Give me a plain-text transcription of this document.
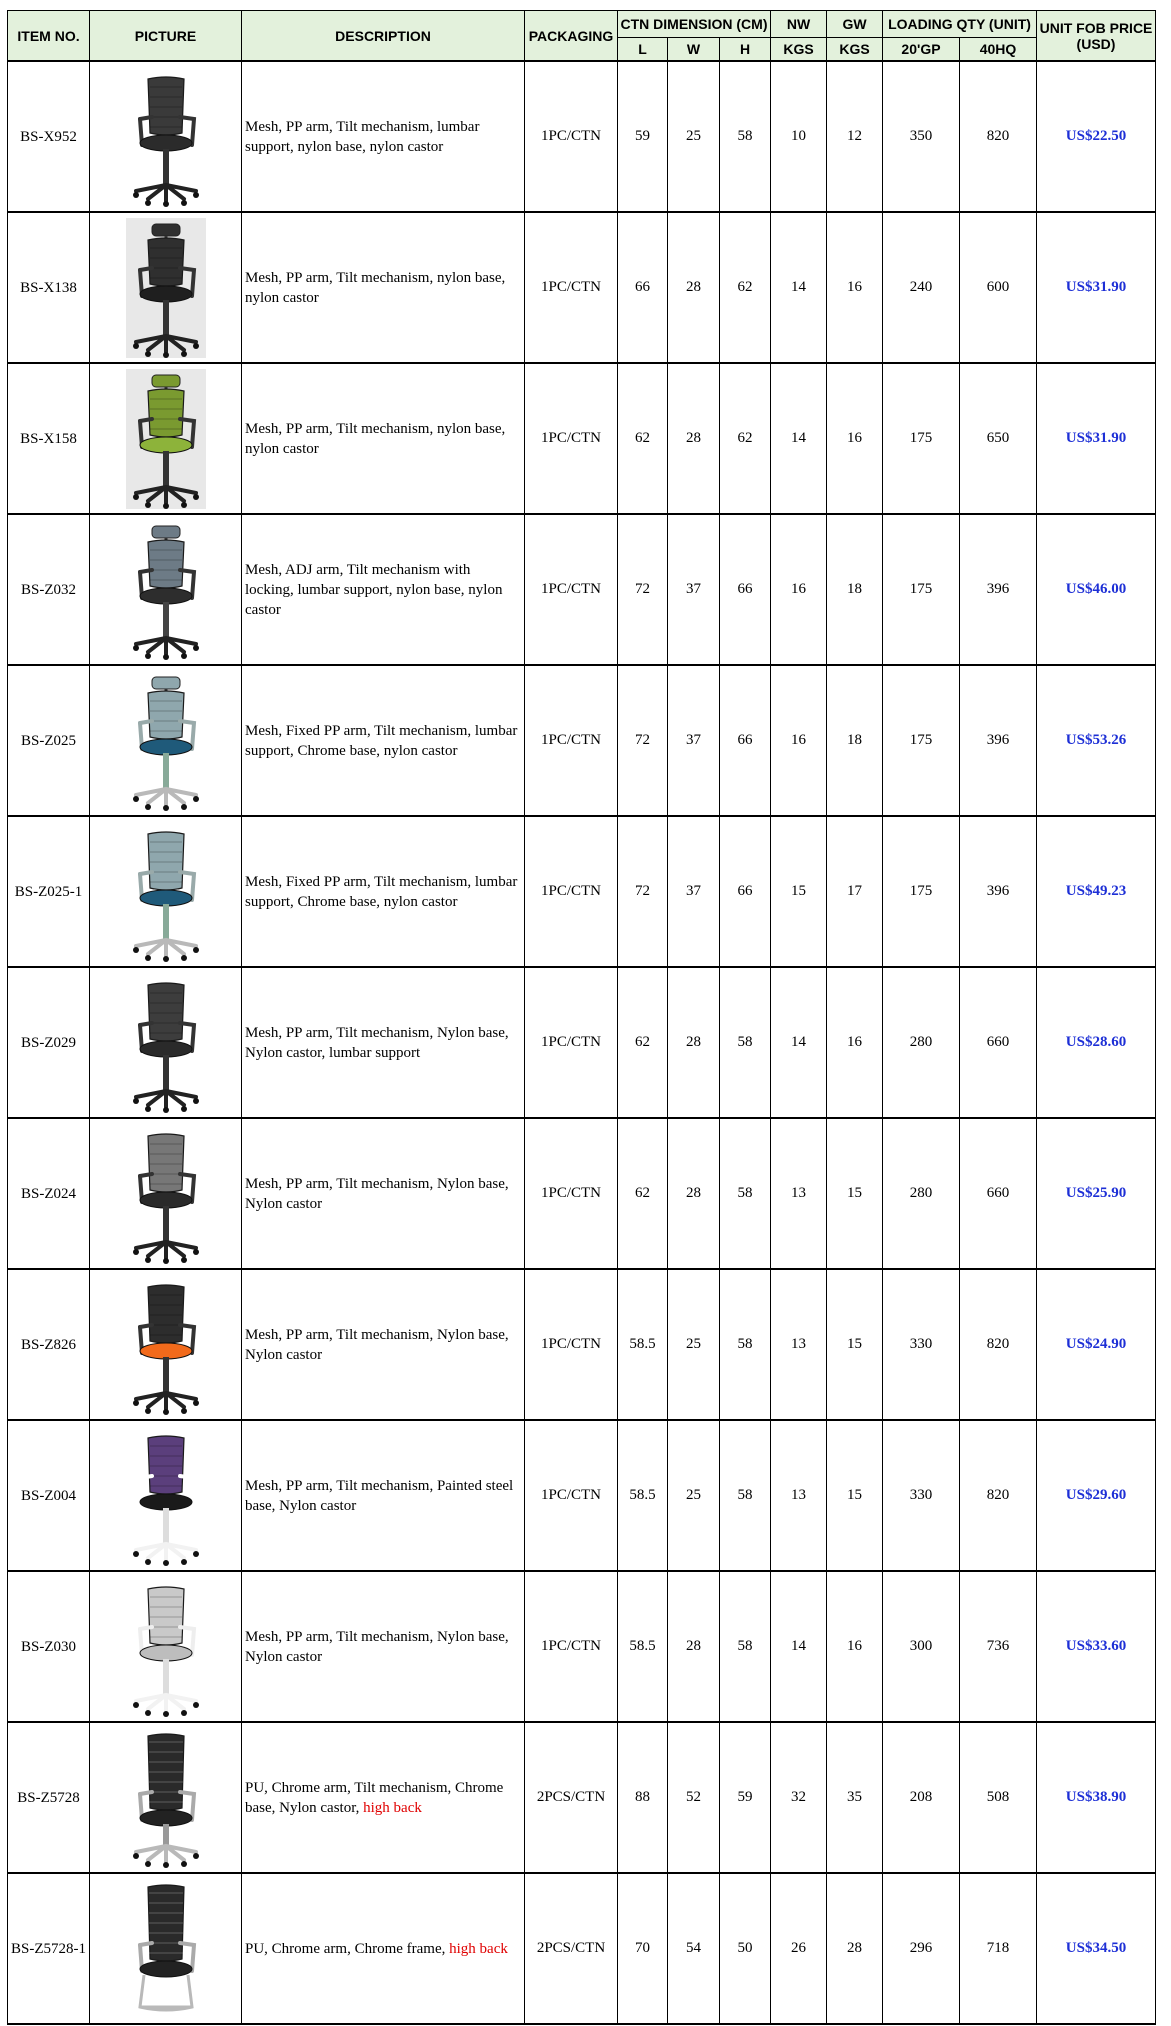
ITEM NO.	PICTURE	DESCRIPTION	PACKAGING	CTN DIMENSION (CM)			NW	GW	LOADING QTY (UNIT)		UNIT FOB PRICE (USD)
				L	W	H	KGS	KGS	20'GP	40HQ	
BS-X952		Mesh, PP arm, Tilt mechanism, lumbar support, nylon base, nylon castor	1PC/CTN	59	25	58	10	12	350	820	US$22.50
BS-X138		Mesh, PP arm, Tilt mechanism, nylon base, nylon castor	1PC/CTN	66	28	62	14	16	240	600	US$31.90
BS-X158		Mesh, PP arm, Tilt mechanism, nylon base, nylon castor	1PC/CTN	62	28	62	14	16	175	650	US$31.90
BS-Z032		Mesh, ADJ arm, Tilt mechanism with locking, lumbar support, nylon base, nylon castor	1PC/CTN	72	37	66	16	18	175	396	US$46.00
BS-Z025		Mesh, Fixed PP arm, Tilt mechanism, lumbar support, Chrome base, nylon castor	1PC/CTN	72	37	66	16	18	175	396	US$53.26
BS-Z025-1		Mesh, Fixed PP arm, Tilt mechanism, lumbar support, Chrome base, nylon castor	1PC/CTN	72	37	66	15	17	175	396	US$49.23
BS-Z029		Mesh, PP arm, Tilt mechanism, Nylon base, Nylon castor, lumbar support	1PC/CTN	62	28	58	14	16	280	660	US$28.60
BS-Z024		Mesh, PP arm, Tilt mechanism, Nylon base, Nylon castor	1PC/CTN	62	28	58	13	15	280	660	US$25.90
BS-Z826		Mesh, PP arm, Tilt mechanism, Nylon base, Nylon castor	1PC/CTN	58.5	25	58	13	15	330	820	US$24.90
BS-Z004		Mesh, PP arm, Tilt mechanism, Painted steel base, Nylon castor	1PC/CTN	58.5	25	58	13	15	330	820	US$29.60
BS-Z030		Mesh, PP arm, Tilt mechanism, Nylon base, Nylon castor	1PC/CTN	58.5	28	58	14	16	300	736	US$33.60
BS-Z5728		PU, Chrome arm, Tilt mechanism, Chrome base, Nylon castor, high back	2PCS/CTN	88	52	59	32	35	208	508	US$38.90
BS-Z5728-1		PU, Chrome arm, Chrome frame, high back	2PCS/CTN	70	54	50	26	28	296	718	US$34.50
